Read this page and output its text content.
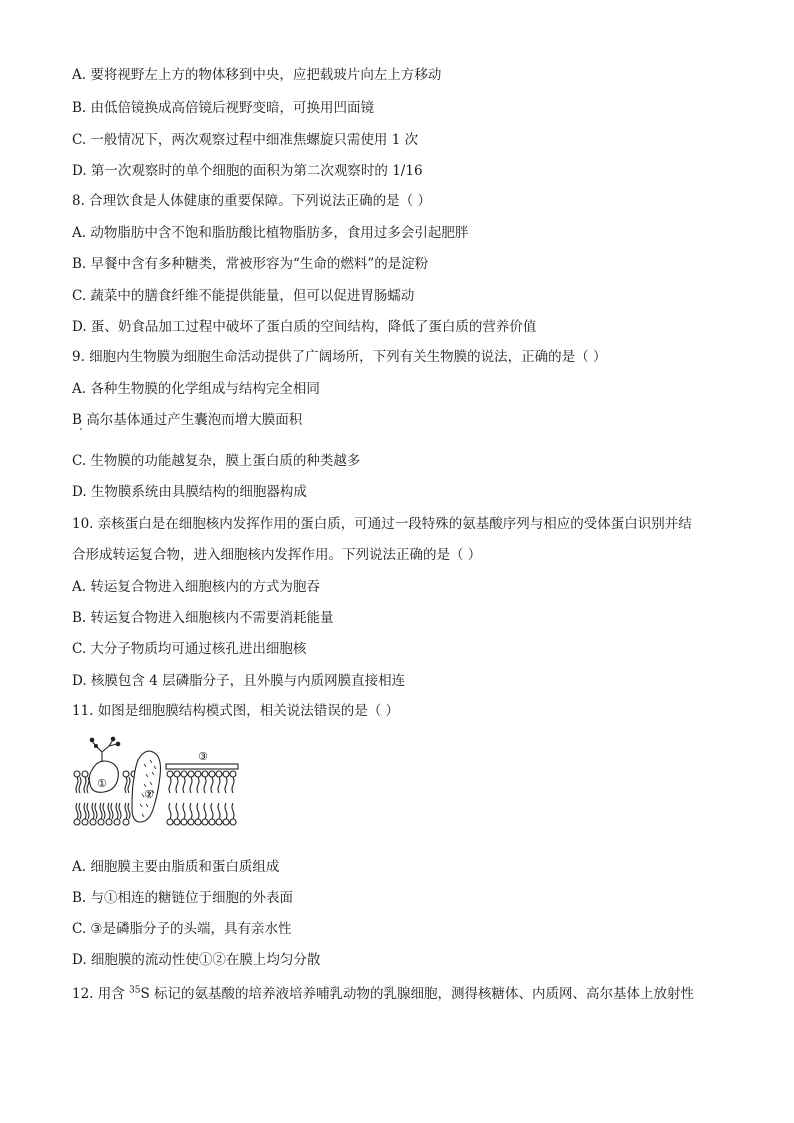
A. 要将视野左上方的物体移到中央，应把载玻片向左上方移动
B. 由低倍镜换成高倍镜后视野变暗，可换用凹面镜
C. 一般情况下，两次观察过程中细准焦螺旋只需使用 1 次
D. 第一次观察时的单个细胞的面积为第二次观察时的 1/16
8. 合理饮食是人体健康的重要保障。下列说法正确的是（ ）
A. 动物脂肪中含不饱和脂肪酸比植物脂肪多，食用过多会引起肥胖
B. 早餐中含有多种糖类，常被形容为“生命的燃料”的是淀粉
C. 蔬菜中的膳食纤维不能提供能量，但可以促进胃肠蠕动
D. 蛋、奶食品加工过程中破坏了蛋白质的空间结构，降低了蛋白质的营养价值
9. 细胞内生物膜为细胞生命活动提供了广阔场所，下列有关生物膜的说法，正确的是（ ）
A. 各种生物膜的化学组成与结构完全相同
B 高尔基体通过产生囊泡而增大膜面积
C. 生物膜的功能越复杂，膜上蛋白质的种类越多
D. 生物膜系统由具膜结构的细胞器构成
10. 亲核蛋白是在细胞核内发挥作用的蛋白质，可通过一段特殊的氨基酸序列与相应的受体蛋白识别并结
合形成转运复合物，进入细胞核内发挥作用。下列说法正确的是（ ）
A. 转运复合物进入细胞核内的方式为胞吞
B. 转运复合物进入细胞核内不需要消耗能量
C. 大分子物质均可通过核孔进出细胞核
D. 核膜包含 4 层磷脂分子，且外膜与内质网膜直接相连
11. 如图是细胞膜结构模式图，相关说法错误的是（ ）
①
②
③
A. 细胞膜主要由脂质和蛋白质组成
B. 与①相连的糖链位于细胞的外表面
C. ③是磷脂分子的头端，具有亲水性
D. 细胞膜的流动性使①②在膜上均匀分散
12. 用含 $^{35}$S 标记的氨基酸的培养液培养哺乳动物的乳腺细胞，测得核糖体、内质网、高尔基体上放射性
